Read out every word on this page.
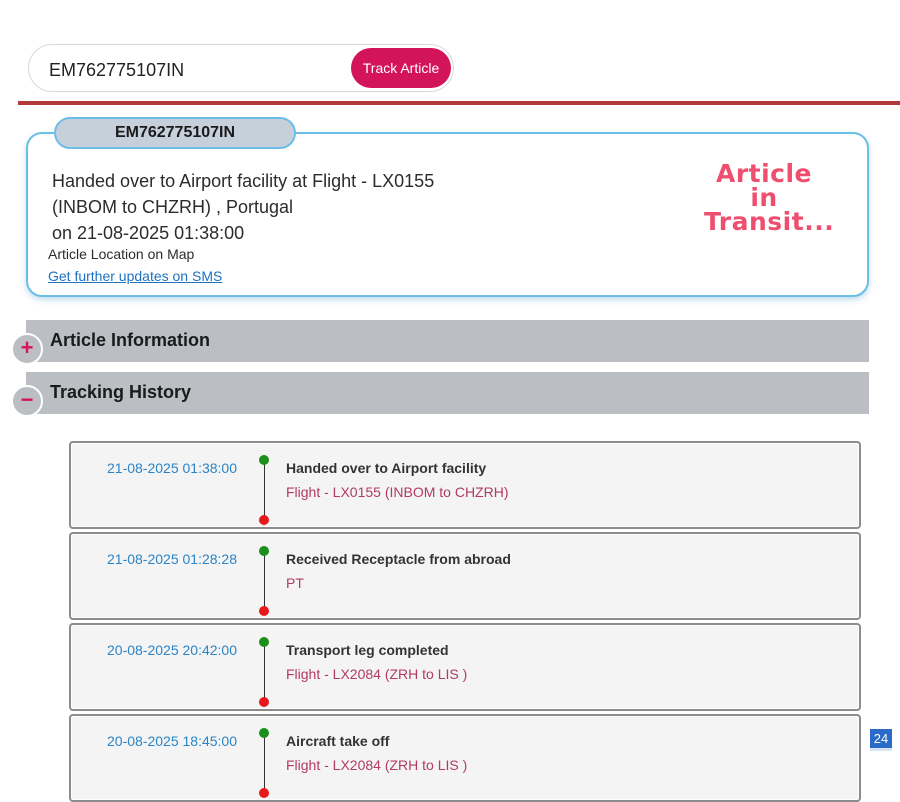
EM762775107IN
Track Article
EM762775107IN
Handed over to Airport facility at Flight - LX0155
(INBOM to CHZRH) , Portugal
on 21-08-2025 01:38:00
Article Location on Map
Get further updates on SMS
Article
in
Transit...
Article Information
+
Tracking History
−
21-08-2025 01:38:00	Handed over to Airport facility
Flight - LX0155 (INBOM to CHZRH)
21-08-2025 01:28:28	Received Receptacle from abroad
PT
20-08-2025 20:42:00	Transport leg completed
Flight - LX2084 (ZRH to LIS )
20-08-2025 18:45:00	Aircraft take off
Flight - LX2084 (ZRH to LIS )
24
